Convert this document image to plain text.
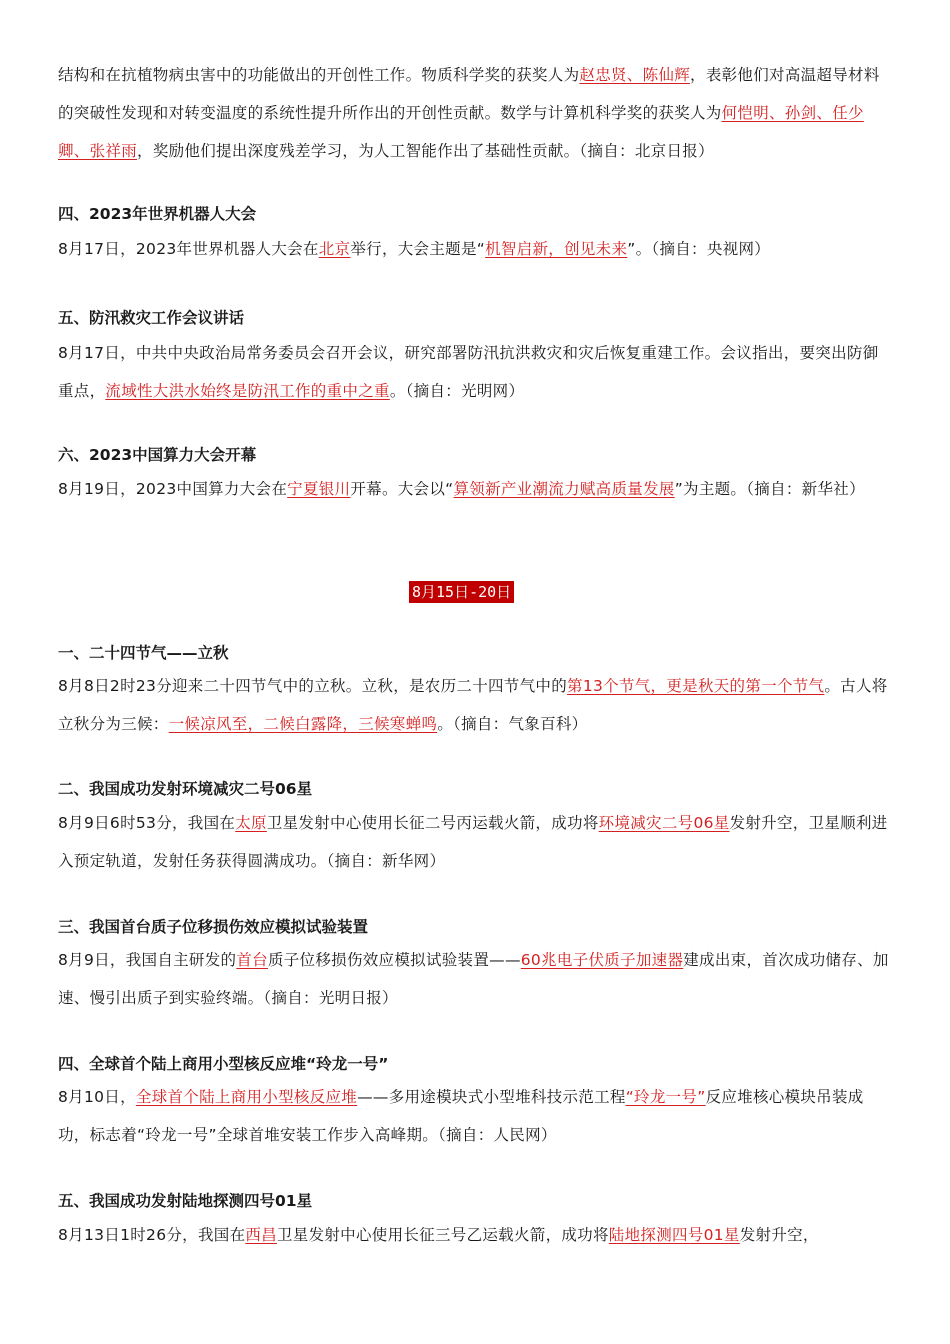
结构和在抗植物病虫害中的功能做出的开创性工作。物质科学奖的获奖人为赵忠贤、陈仙辉，表彰他们对高温超导材料的突破性发现和对转变温度的系统性提升所作出的开创性贡献。数学与计算机科学奖的获奖人为何恺明、孙剑、任少卿、张祥雨，奖励他们提出深度残差学习，为人工智能作出了基础性贡献。（摘自：北京日报）

四、2023年世界机器人大会

8月17日，2023年世界机器人大会在北京举行，大会主题是“机智启新，创见未来”。（摘自：央视网）

五、防汛救灾工作会议讲话

8月17日，中共中央政治局常务委员会召开会议，研究部署防汛抗洪救灾和灾后恢复重建工作。会议指出，要突出防御重点，流域性大洪水始终是防汛工作的重中之重。（摘自：光明网）

六、2023中国算力大会开幕

8月19日，2023中国算力大会在宁夏银川开幕。大会以“算领新产业潮流力赋高质量发展”为主题。（摘自：新华社）

8月15日-20日

一、二十四节气——立秋

8月8日2时23分迎来二十四节气中的立秋。立秋，是农历二十四节气中的第13个节气，更是秋天的第一个节气。古人将立秋分为三候：一候凉风至，二候白露降，三候寒蝉鸣。（摘自：气象百科）

二、我国成功发射环境减灾二号06星

8月9日6时53分，我国在太原卫星发射中心使用长征二号丙运载火箭，成功将环境减灾二号06星发射升空，卫星顺利进入预定轨道，发射任务获得圆满成功。（摘自：新华网）

三、我国首台质子位移损伤效应模拟试验装置

8月9日，我国自主研发的首台质子位移损伤效应模拟试验装置——60兆电子伏质子加速器建成出束，首次成功储存、加速、慢引出质子到实验终端。（摘自：光明日报）

四、全球首个陆上商用小型核反应堆“玲龙一号”

8月10日，全球首个陆上商用小型核反应堆——多用途模块式小型堆科技示范工程“玲龙一号”反应堆核心模块吊装成功，标志着“玲龙一号”全球首堆安装工作步入高峰期。（摘自：人民网）

五、我国成功发射陆地探测四号01星

8月13日1时26分，我国在西昌卫星发射中心使用长征三号乙运载火箭，成功将陆地探测四号01星发射升空，
